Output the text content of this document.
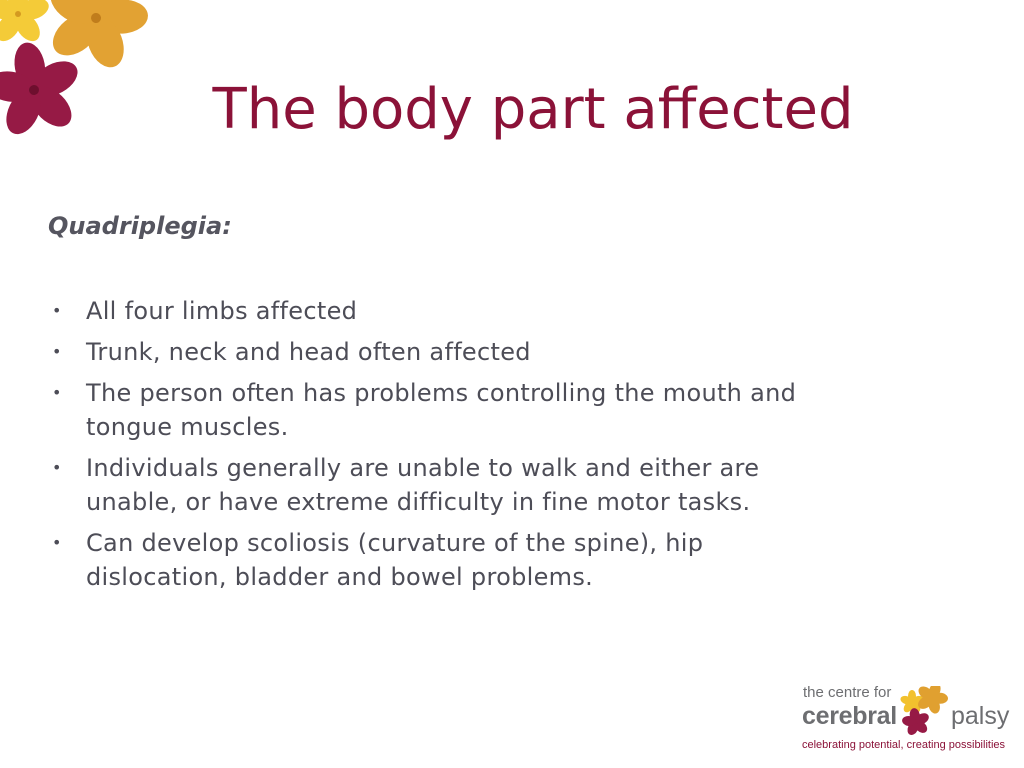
The body part affected
Quadriplegia:
• All four limbs affected
• Trunk, neck and head often affected
• The person often has problems controlling the mouth and tongue muscles.
• Individuals generally are unable to walk and either are unable, or have extreme difficulty in fine motor tasks.
• Can develop scoliosis (curvature of the spine), hip dislocation, bladder and bowel problems.
the centre for
cerebral palsy
celebrating potential, creating possibilities
